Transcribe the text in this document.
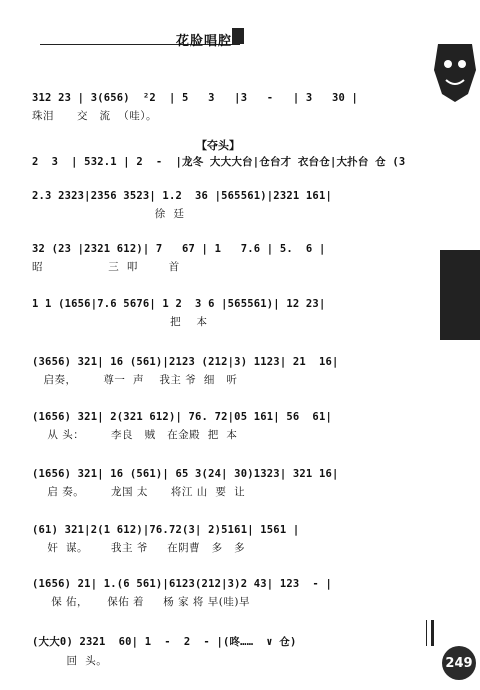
花脸唱腔
【夺头】
312 23 | 3(656)  ²2  | 5   3   |3   -   | 3   30 |
珠泪      交   流  （哇）。
2  3  | 532.1 | 2  -  |龙冬 大大大台|仓台才 衣台仓|大扑台 仓 (3
2.3 2323|2356 3523| 1.2  36 |565561)|2321 161|
徐  廷
32 (23 |2321 612)| 7   67 | 1   7.6 | 5.  6 |
昭                 三  叩        首
1 1 (1656|7.6 5676| 1 2  3 6 |565561)| 12 23|
把    本
(3656) 321| 16 (561)|2123 (212|3) 1123| 21  16|
启奏，       尊一  声    我主 爷  细   听
(1656) 321| 2(321 612)| 76. 72|05 161| 56  61|
从 头：       李良   贼   在金殿  把  本
(1656) 321| 16 (561)| 65 3(24| 30)1323| 321 16|
启 奏。       龙国 太      将江 山  要  让
(61) 321|2(1 612)|76.72(3| 2)5161| 1561 |
奸  谋。      我主 爷     在阴曹   多   多
(1656) 21| 1.(6 561)|6123(212|3)2 43| 123  - |
保 佑，     保佑 着     杨 家 将 早(哇)早
(大大0) 2321  60| 1  -  2  - |(咚……  ∨ 仓)
回  头。	249
